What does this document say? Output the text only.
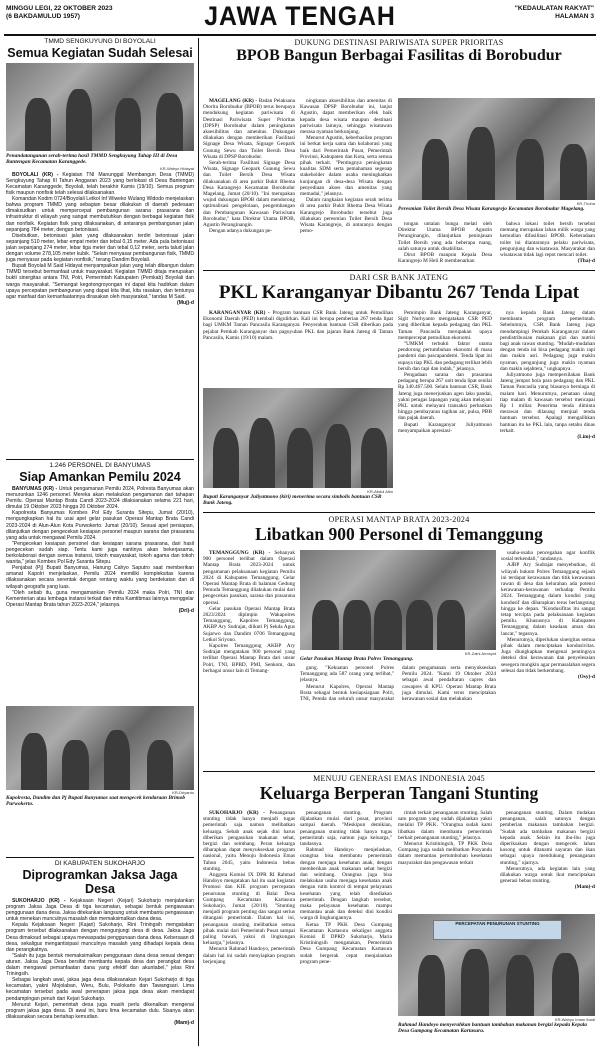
MINGGU LEGI, 22 OKTOBER 2023
(6 BAKDAMULUD 1957)	JAWA TENGAH	"KEDAULATAN RAKYAT"
HALAMAN 3
TMMD SENGKUYUNG DI BOYOLALI
Semua Kegiatan Sudah Selesai
Penandatanganan serah-terima hasil TMMD Sengkuyung Tahap III di Desa Bantengan Kecamatan Karanggede.
KR-Wahyu Hidayat

BOYOLALI (KR) - Kegiatan TNI Manunggal Membangun Desa (TMMD) Sengkuyung Tahap III Tahun Anggaran 2023 yang berlokasi di Desa Bantengan Kecamatan Karanggede, Boyolali, telah berakhir Kamis (19/10). Semua program fisik maupun nonfisik telah selesai dilaksanakan.

Komandan Kodim 0724/Boyolali Letkol Inf Wiweko Wulang Widodo menjelaskan bahwa program TMMD yang sebagian besar dilakukan di daerah pedesaan dimaksudkan untuk mempercepat pembangunan sarana prasarana dan infrastruktur di wilayah yang sangat membutuhkan dengan berbagai kegiatan fisik dan nonfisik. Kegiatan fisik yang dilaksanakan, di antaranya pembangunan jalan sepanjang 784 meter, dengan betonisasi.

Disebutkan, betonisasi jalan yang dilaksanakan terdiri betonisasi jalan sepanjang 510 meter, lebar empat meter dan tebal 0,15 meter. Ada pula betonisasi jalan sepanjang 274 meter, lebar tiga meter dan tebal 0,12 meter, serta talud jalan dengan volume 278,105 meter kubik. "Selain menyasar pembangunan fisik, TMMD juga menyasar pada kegiatan nonfisik," terang Dandim Boyolali.

Bupati Boyolali M Said Hidayat menyampaikan jalan yang telah dibangun dalam TMMD tersebut bermanfaat untuk masyarakat. Kegiatan TMMD ditaja merupakan bukti sinergitas antara TNI, Polri, Pemerintah Kabupaten (Pemkab) Boyolali dan warga masyarakat. "Semangat kegotongroyongan ini dapat kita hadirkan dalam upaya percepatan pembangunan yang dapat kita lihat, kita rasakan, dan tentunya agar manfaat dan kemanfaatannya dirasakan oleh masyarakat," tandas M Said.

(Muj)-d

1.246 PERSONEL DI BANYUMAS
Siap Amankan Pemilu 2024

BANYUMAS (KR) - Untuk pengamanan Pemilu 2024, Polresta Banyumas akan menurunkan 1246 personel. Mereka akan melakukan pengamanan dari tahapan Pemilu. Operasi Mantap Brata Candi 2023-2024 dilaksanakan selama 221 hari, dimulai 19 Oktober 2023 hingga 20 Oktober 2024.

Kapolresta Banyumas Kombes Pol Edy Suranta Sitepu, Jumat (20/10), mengungkapkan hal itu usai apel gelar pasukan Operasi Mantap Brata Candi 2023-2024 di Alun-Alun Kota Purwokerto. Jumat (20/10). Sesuai apel persiapan, dilanjutkan dengan pengecekan kesiapan personel maupun sarana dan prasarana yang ada untuk mengawal Pemilu 2024.

"Pengecekan kesiapan personel dan kesiapan sarana prasarana, dari hasil pengecekan sudah siap. Tentu kami juga nantinya akan bekerjasama, berkolaborasi dengan semua instansi, tokoh masyarakat, tokoh agama dan tokoh wanita," jelas Kombes Pol Edy Suranta Sitepu.

Penjabat (Pj) Bupati Banyumas, Hanung Cahyo Saputro saat memberikan amanat Kapolri menjelaskan, Pemilu 2024 memiliki kompleksitas karena dilaksanakan secara serentak dengan rentang waktu yang berdekatan dan di wilayah geografis yang luas.

"Oleh sebab itu, guna mengamankan Pemilu 2024 maka Polri, TNI dan Kementerian atau lembaga instansi terkait dan mitra Kamtibmas lainnya menggelar Operasi Mantap Brata tahun 2023-2024," jelasnya.

(Dri)-d

KR-Driyanto
Kapolresta, Dandim dan Pj Bupati Banyumas saat mengecek kendaraan Brimob Purwokerto.
DI KABUPATEN SUKOHARJO
Diprogramkan Jaksa Jaga Desa

SUKOHARJO (KR) - Kejaksaan Negeri (Kejari) Sukoharjo menjalankan program Jaksa Jaga Desa di tiga kecamatan, sebagai bentuk pengawasan penggunaan dana desa. Jaksa ditekankan langsung untuk membantu pengawasan untuk menekan munculnya masalah dan memaksimalkan dana desa.

Kepala Kejaksaan Negeri (Kajari) Sukoharjo, Rini Triningsih mengatakan program tersebut dilaksanakan dengan mengunjungi desa di desa. Jaksa Jaga Desa dimaksud sebagai upaya mewaspadai penggunaan dana desa. Kebersaan di desa, sekaligus mengantisipasi munculnya masalah yang dihadapi kepala desa dan perangkatnya.

"Salah itu juga bentuk memaksimalkan penggunaan dana desa sesuai dengan aturan. Jaksa Jaga Desa bersifat membantu kepala desa dan perangkat desa dalam mengawal pemanfaatan dana yang efektif dan akuntabel," jelas Rini Triningsih.

Sebagai langkah awal, jaksa jaga desa dilaksanakan Kejari Sukoharjo di tiga kecamatan, yakni Mojolaban, Weru, Bulu, Polokarto dan Tawangsari. Lima kecamatan tersebut pada awal penerapan jaksa jaga desa akan mendapat pendampingan penuh dari Kejari Sukoharjo.

Menurut Kejari, pemerintah desa juga masih perlu dikenalkan mengenai program jaksa jaga desa. Di awal ini, baru lima kecamatan dulu. Sisanya akan dilaksanakan secara bertahap kemudian.

(Mam)-d

DUKUNG DESTINASI PARIWISATA SUPER PRIORITAS
BPOB Bangun Berbagai Fasilitas di Borobudur

MAGELANG (KR) - Badan Pelaksana Otorita Borobudur (BPOB) terus berupaya mendukung kegiatan pariwisata di Destinasi Pariwisata Super Prioritas (DPSP) Borobudur dalam peningkatan aksesibilitas dan amenitas. Dukungan dilakukan dengan memberikan Fasilitasi Signage Desa Wisata, Signage Geopark Gunung Sewu dan Toilet Bersih Desa Wisata di DPSP Borobudur.

Serah-terima Fasilitasi Signage Desa Wisata, Signage Geopark Gunung Sewu dan Toilet Bersih Desa Wisata dilaksanakan di area parkir Bukit Rhema Desa Karangrejo Kecamatan Borobudur Magelang, Jumat (20/10). "Ini merupakan wujud dukungan BPOB dalam mendorong optimalisasi pengelolaan, pengembangan dan Pembangunan Kawasan Pariwisata Borobudur," kata Direktur Utama BPOB, Agustin Peranginangin.

Dengan adanya dukungan pe-

ningkatan aksesibilitas dan amenitas di Kawasan DPSP Borobudur ini, lanjut Agustin, dapat memberikan efek baik kepada desa wisata maupun destinasi pariwisata lainnya, sehingga wisatawan merasa nyaman berkunjung.

Menurut Agustin, keberhasilan program ini berkat kerja sama dan kolaborasi yang baik dari Pemerintah Pusat, Pemerintah Provinsi, Kabupaten dan Kota, serta semua pihak terkait. "Pentingnya peningkatan kualitas SDM serta pemahaman segenap stakeholder dalam usaha meningkatkan kunjungan di desa-desa Wisata dengan penyediaan akses dan amenitas yang memadai," jelasnya.

Dalam rangkaian kegiatan serah terima di area parkir Bukit Rhema Desa Wisata Karangrejo Borobudur tersebut juga dilakukan peresmian Toilet Bersih Desa Wisata Karangrejo, di antaranya dengan pemo-

KR-Thoha
Peresmian Toilet Bersih Desa Wisata Karangrejo Kecamatan Borobudur Magelang.

tongan untaian bunga melati oleh Direktur Utama BPOB Agustin Peranginangin, dilanjutkan peninjauan Toilet Bersih yang ada beberapa ruang, salah satunya untuk disabilitas.

Dirut BPOB maupun Kepala Desa Karangrejo M Heli R membenarkan

bahwa lokasi toilet bersih tersebut memang merupakan lahan milik warga yang kemudian difasilitasi BPOB. Keberadaan toilet ini diantaranya pelaku pariwisata, pengunjung dan wisatawan. Masyarakat dan wisatawan tidak lagi repot mencari toilet.

(Tha)-d

DARI CSR BANK JATENG
PKL Karanganyar Dibantu 267 Tenda Lipat

KARANGANYAR (KR) - Program bantuan CSR Bank Jateng untuk Pemulihan Ekonomi Daerah (PED) kembali digulirkan. Kali ini berupa pemberian 267 tenda lipat bagi UMKM Taman Pancasila Karanganyar. Penyerahan bantuan CSR diberikan pada pejabat Pemkab Karanganyar dan paguyuban PKL dan jajaran Bank Jateng di Taman Pancasila, Kamis (19/10) malam.

KR-Abdul Alim
Bupati Karanganyar Juliyatmono (kiri) menerima secara simbolis bantuan CSR Bank Jateng.

Pemimpin Bank Jateng Karanganyar, Sigit Nurhyanto mengatakan CSR PED yang diberikan kepada pedagang dan PKL Taman Pancasila merupakan upaya mempercepat pemulihan ekonomi.

"UMKM terbukti faktor utama pendorong pertumbuhan ekonomi di masa pandemi dan pascapandemi. Tenda lipat ini supaya tiap PKL dan pedagang terlihat lebih bersih dan rapi dan indah," jelasnya.

Pengadaan sarana dan prasarana pedagang berupa 267 unit tenda lipat senilai Rp 340.467.500. Selain bantuan CSR, Bank Jateng juga menerjunkan agen laku pandai, yakni petugas lapangan yang akan melayani PKL untuk melayani transaksi perbankan hingga pembayaran tagihan air, pulsa, PBB dan pajak daerah.

Bupati Karanganyar Juliyatmono menyampaikan apresiasi-

nya kepada Bank Jateng dalam membantu program pemerintah. Sebelumnya, CSR Bank Jateng juga mendampingi Pemkab Karanganyar dalam pendistribusian makanan gizi dan nutrisi bagi anak rawan stunting. "Mudah-mudahan dengan tenda ini bisa pedagang makin rapi dan makin asri. Pedagang juga makin nyaman, pengunjung juga makin nyaman dan makin sejahtera," ungkapnya.

Juliyatmono juga mempersilakan Bank Jateng jemput bola para pedagang dan PKL Taman Pancasila yang biasanya berniaga di malam hari. Menurutnya, penataan ulang tiap malam di kawasan tersebut mencapai Rp 1 miliar. Penerima tenda diminta merawat dan dilarang menjual tenda bantuan tersebut. Apalagi mengalihkan bantuan itu ke PKL lain, tanpa setahu dinas terkait.

(Lim)-d

OPERASI MANTAP BRATA 2023-2024
Libatkan 900 Personel di Temanggung

TEMANGGUNG (KR) - Sebanyak 900 personel terlibat dalam Operasi Mantap Brata 2023-2024 untuk pengamanan pelaksanaan kegiatan Pemilu 2024 di Kabupaten Temanggung. Gelar Operasi Mantap Brata di halaman Gedung Pemuda Temanggung dilakukan mulai dari pengecekan pasukan, sarana dan prasarana operasi.

Gelar pasukan Operasi Mantap Brata 2023/2024 dipimpin Wakapolres Temanggung, Kapolres Temanggung, AKBP Ary Sudrajat, diikuti Pj Sekda Agus Sujarwo dan Dandim 0706 Temanggung Letkol Sriyono.

Kapolres Temanggung AKBP Ary Sudrajat mengatakan 900 personel yang terlibat Operasi Mantap Brata dari unsur Polri, TNI, BPBD, PMI, Senkom, dan berbagai unsur lain di Temang-

KR-Zaini Arrosyid
Gelar Pasukan Mantap Brata Polres Temanggung.

gung. "Kekuatan personel Polres Temanggung ada 587 orang yang terlibat," jelasnya.

Menurut Kapolres, Operasi Mantap Brata sebagai bentuk kesiapsiagaan Polri, TNI, Pemda dan seluruh unsur masyarakat dalam pengamanan serta menyukseskan Pemilu 2024. "Kami 19 Oktober 2024 sebagai awal pendaftaran capres dan cawapres di KPU. Operasi Mantap Brata juga dimulai. Kami terus menciptakan kerawanan sosial dan melakukan

usaha-usaha pencegahan agar konflik sosial terkendali," tandasnya.

AJBP Ary Sudrajat menyebutkan, di wilayah hukum Polres Temanggung sejauh ini terdapat kerawanan dan titik kerawanan rawan di desa dan kelurahan ada potensi kerawanan-kerawanan terhadap Pemilu 2024. Temanggung dalam kondisi yang kondusif dan diharapkan terus berlangsung hingga ke depan. "Kondusifitas itu sangat tetap tercipta pada pelaksanaan kegiatan pemilu. Khususnya di Kabupaten Temanggung dalam keadaan aman dan lancar," tegasnya.

Menurutnya, diperlukan sinergitas semua pihak dalam menciptakan kondusivitas. Juga diungkapkan mengenai pentingnya deteksi dini kerawanan dan penyelesaian sesegera mungkin agar permasalahan segera selesai dan tidak berkembang.

(Osy)-d

MENUJU GENERASI EMAS INDONESIA 2045
Keluarga Berperan Tangani Stunting

SUKOHARJO (KR) - Penanganan stunting tidak hanya menjadi tugas pemerintah saja namun melibatkan keluarga. Sebab anak sejak dini harus diberikan pengasuhan makanan sehat, bergizi dan seimbang. Peran keluarga diharapkan dapat menyukseskan program nasional, yaitu Menuju Indonesia Emas Tahun 2045, yaitu Indonesia bebas stunting.

Anggota Komisi IX DPR RI Rahmad Handoyo mengatakan hal itu saat kegiatan Promosi dan KIE program percepatan penurunan stunting di Balai Desa Gumpang Kecamatan Kartasura Sukoharjo, Jumat (20/10). "Stunting menjadi program penting dan sangat serius ditangani pemerintah. Dalam hal ini, penanganan stunting melibatkan semua pihak mulai dari Pemerintah Pusat sampai paling bawah, yakni di lingkungan keluarga," jelasnya.

Menurut Rahmad Handoyo, pemerintah dalam hal ini sudah menyiapkan program berjenjang

penanganan stunting. Program dijalankan mulai dari pusat, provinsi sampai daerah. "Meskipun demikian, penanganan stunting tidak hanya tugas pemerintah saja, namun juga keluarga," tandasnya.

Rahmad Handoyo menjelaskan, orangtua bisa membantu pemerintah dengan menjaga kesehatan anak, dengan memberikan anak makanan sehat bergizi dan seimbang. Orangtua juga bisa melakukan usaha menjaga kesehatan anak dengan rutin kontrol di tempat pelayanan kesehatan yang telah disediakan pemerintah. Dengan langkah tersebut, maka pelayanan kesehatan mampu memantau anak dan deteksi dini kondisi warga di lingkungannya.

Ketua TP PKK Desa Gumpang Kecamatan Kartasura sekaligus anggota Komisi II DPRD Sukoharjo, Maria Kristiningsih mengatakan, Pemerintah Desa Gumpang Kecamatan Kartasura sudah bergerak cepat menjalankan program pene-

rintah terkait penanganan stunting. Salah satu program yang sudah dijalankan yakni melalui TP PKK. "Orangtua sudah kami libatkan dalam membantu pemerintah berkait penanganan stunting," jelasnya.

Menurut Kristiningsih, TP PKK Desa Gumpang juga sudah melibatkan Posyandu dalam memantau pertumbuhan kesehatan masyarakat dan pengawasan terkait

penanganan stunting. Dalam tindakan penanganan, salah satunya dengan pemberian makanan tambahan bergizi. "Sudah ada tambahan makanan bergizi kepada anak. Selain itu ibu-ibu juga diperiksakan dengan mengecek lahan kosong untuk ditanami sayuran dan ikan sebagai upaya mendukung penanganan stunting," ujarnya.

Menurutnya, ada kegiatan lain yang dilakukan warga untuk ikut menciptakan generasi bebas stunting.

(Mam)-d

PERCEPATAN PENURUNAN STUNTING
KR-Wahyu Imam Ibadi
Rahmad Handoyo menyerahkan bantuan tambahan makanan bergizi kepada Kepala Desa Gumpang Kecamatan Kartasura.
